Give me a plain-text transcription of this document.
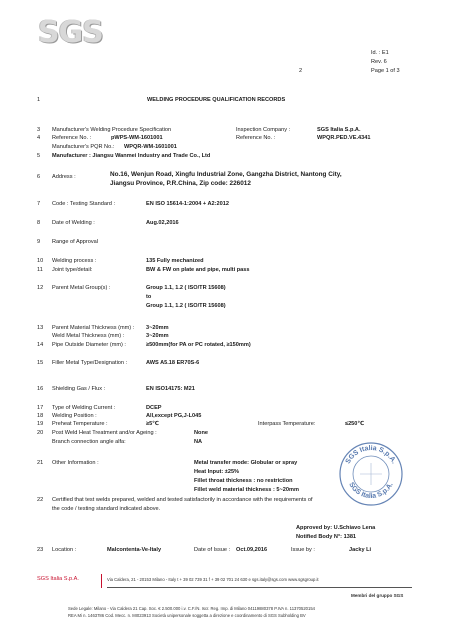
SGS
Id. : E1
Rev. 6
2	Page 1 of 3
1	WELDING PROCEDURE QUALIFICATION RECORDS
3 Manufacturer's Welding Procedure Specification	Inspection Company :	SGS Italia S.p.A.
4 Reference No. :	pWPS-WM-1601001	Reference No. :	WPQR.PED.VE.4341
Manufacturer's PQR No.: WPQR-WM-1601001
5 Manufacturer : Jiangsu Wanmei Industry and Trade Co., Ltd
6 Address :	No.16, Wenjun Road, Xingfu Industrial Zone, Gangzha District, Nantong City,
Jiangsu Province, P.R.China, Zip code: 226012
7 Code : Testing Standard :	EN ISO 15614-1:2004 + A2:2012
8 Date of Welding :	Aug.02,2016
9 Range of Approval
10 Welding process :	135 Fully mechanized
11 Joint type/detail:	BW & FW on plate and pipe, multi pass
12 Parent Metal Group(s) :	Group 1.1, 1.2 ( ISO/TR 15608)
to
Group 1.1, 1.2 ( ISO/TR 15608)
13 Parent Material Thickness (mm) : 3~20mm
Weld Metal Thickness (mm) :	3~20mm
14 Pipe Outside Diameter (mm) :	≥500mm(for PA or PC rotated, ≥150mm)
15 Filler Metal Type/Designation :	AWS A5.18 ER70S-6
16 Shielding Gas / Flux :	EN ISO14175: M21
17 Type of Welding Current :	DCEP
18 Welding Position :	All,except PG,J-L045
19 Preheat Temperature :	≥5℃	Interpass Temperature:	≤250℃
20 Post Weld Heat Treatment and/or Ageing :	None
Branch connection angle alfa:	NA
21 Other Information :	Metal transfer mode: Globular or spray
Heat Input: ±25%
Fillet throat thickness : no restriction
Fillet weld material thickness : 5~20mm
22 Certified that test welds prepared, welded and tested satisfactorily in accordance with the requirements of
the code / testing standard indicated above.
Approved by: U.Schiavo Lena
Notified Body N°: 1381
SGS Italia S.p.A.
SGS Italia S.p.A.
23 Location :	Malcontenta-Ve-Italy	Date of Issue : Oct.09,2016	Issue by :	Jacky Li
SGS Italia S.p.A.	Via Caldera, 21 - 20153 Milano - Italy t + 39 02 739 31 f + 39 02 701 24 630 e sgs.italy@sgs.com www.sgsgroup.it
Membri del gruppo SGS
Sede Legale: Milano - Via Caldera 21 Cap. Soc. € 2.500.000 i.v. C.F./N. Iscr. Reg. Imp. di Milano 04119880378 P.IVA n. 11370520154
REA Mi n. 1463786 Cod. Mecc. n. MI023913 Società unipersonale soggetta a direzione e coordinamento di SGS Subholding BV
